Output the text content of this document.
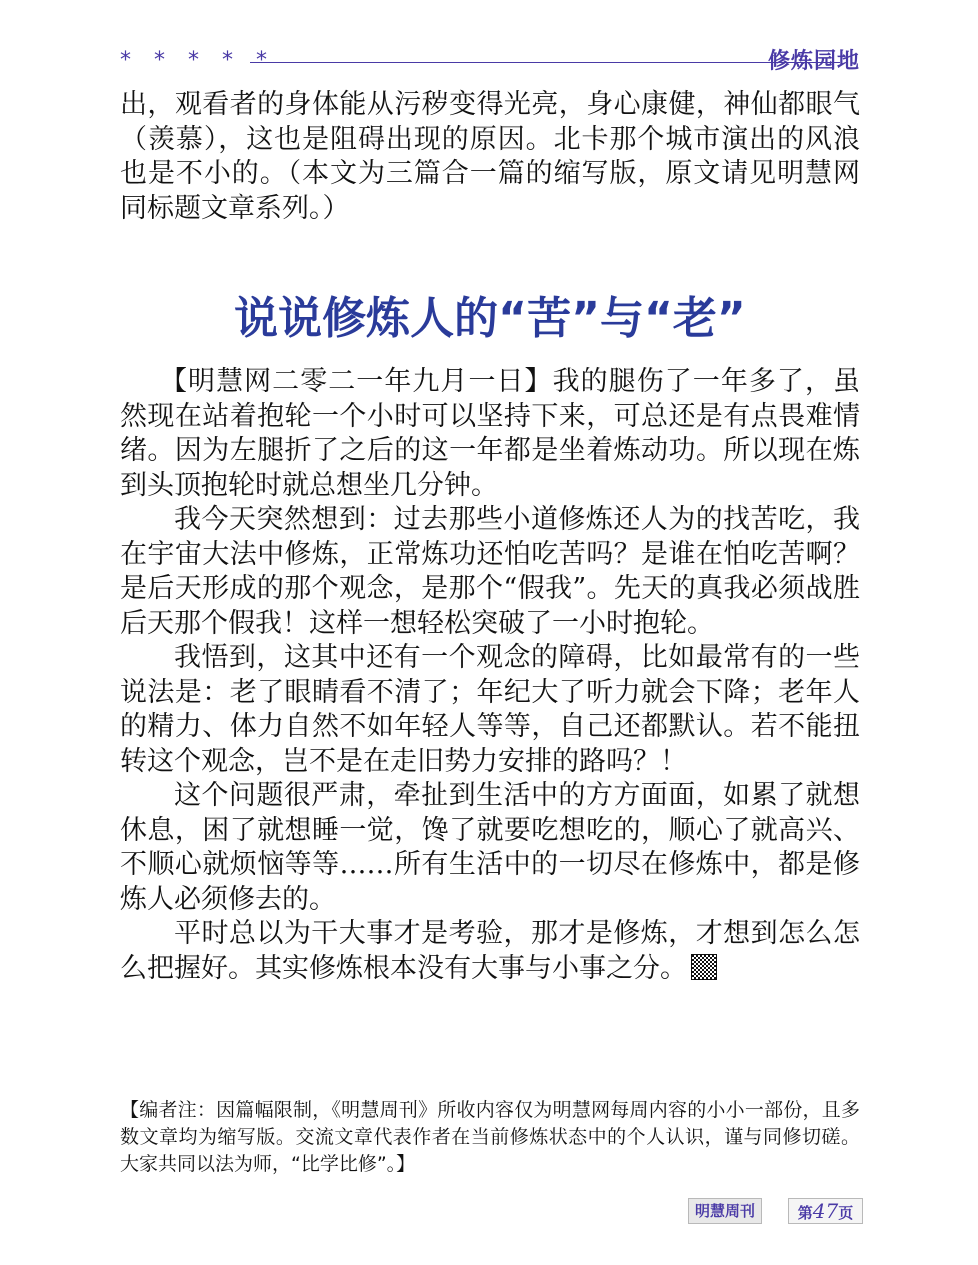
* * * * *	修炼园地

出，观看者的身体能从污秽变得光亮，身心康健，神仙都眼气（羡慕），这也是阻碍出现的原因。北卡那个城市演出的风浪也是不小的。（本文为三篇合一篇的缩写版，原文请见明慧网同标题文章系列。）

说说修炼人的“苦”与“老”

【明慧网二零二一年九月一日】我的腿伤了一年多了，虽然现在站着抱轮一个小时可以坚持下来，可总还是有点畏难情绪。因为左腿折了之后的这一年都是坐着炼动功。所以现在炼到头顶抱轮时就总想坐几分钟。

我今天突然想到：过去那些小道修炼还人为的找苦吃，我在宇宙大法中修炼，正常炼功还怕吃苦吗？是谁在怕吃苦啊？是后天形成的那个观念，是那个“假我”。先天的真我必须战胜后天那个假我！这样一想轻松突破了一小时抱轮。

我悟到，这其中还有一个观念的障碍，比如最常有的一些说法是：老了眼睛看不清了；年纪大了听力就会下降；老年人的精力、体力自然不如年轻人等等，自己还都默认。若不能扭转这个观念，岂不是在走旧势力安排的路吗？！

这个问题很严肃，牵扯到生活中的方方面面，如累了就想休息，困了就想睡一觉，馋了就要吃想吃的，顺心了就高兴、不顺心就烦恼等等……所有生活中的一切尽在修炼中，都是修炼人必须修去的。

平时总以为干大事才是考验，那才是修炼，才想到怎么怎么把握好。其实修炼根本没有大事与小事之分。

【编者注：因篇幅限制，《明慧周刊》所收内容仅为明慧网每周内容的小小一部份，且多数文章均为缩写版。交流文章代表作者在当前修炼状态中的个人认识，谨与同修切磋。大家共同以法为师，“比学比修”。】

明慧周刊	第47页
